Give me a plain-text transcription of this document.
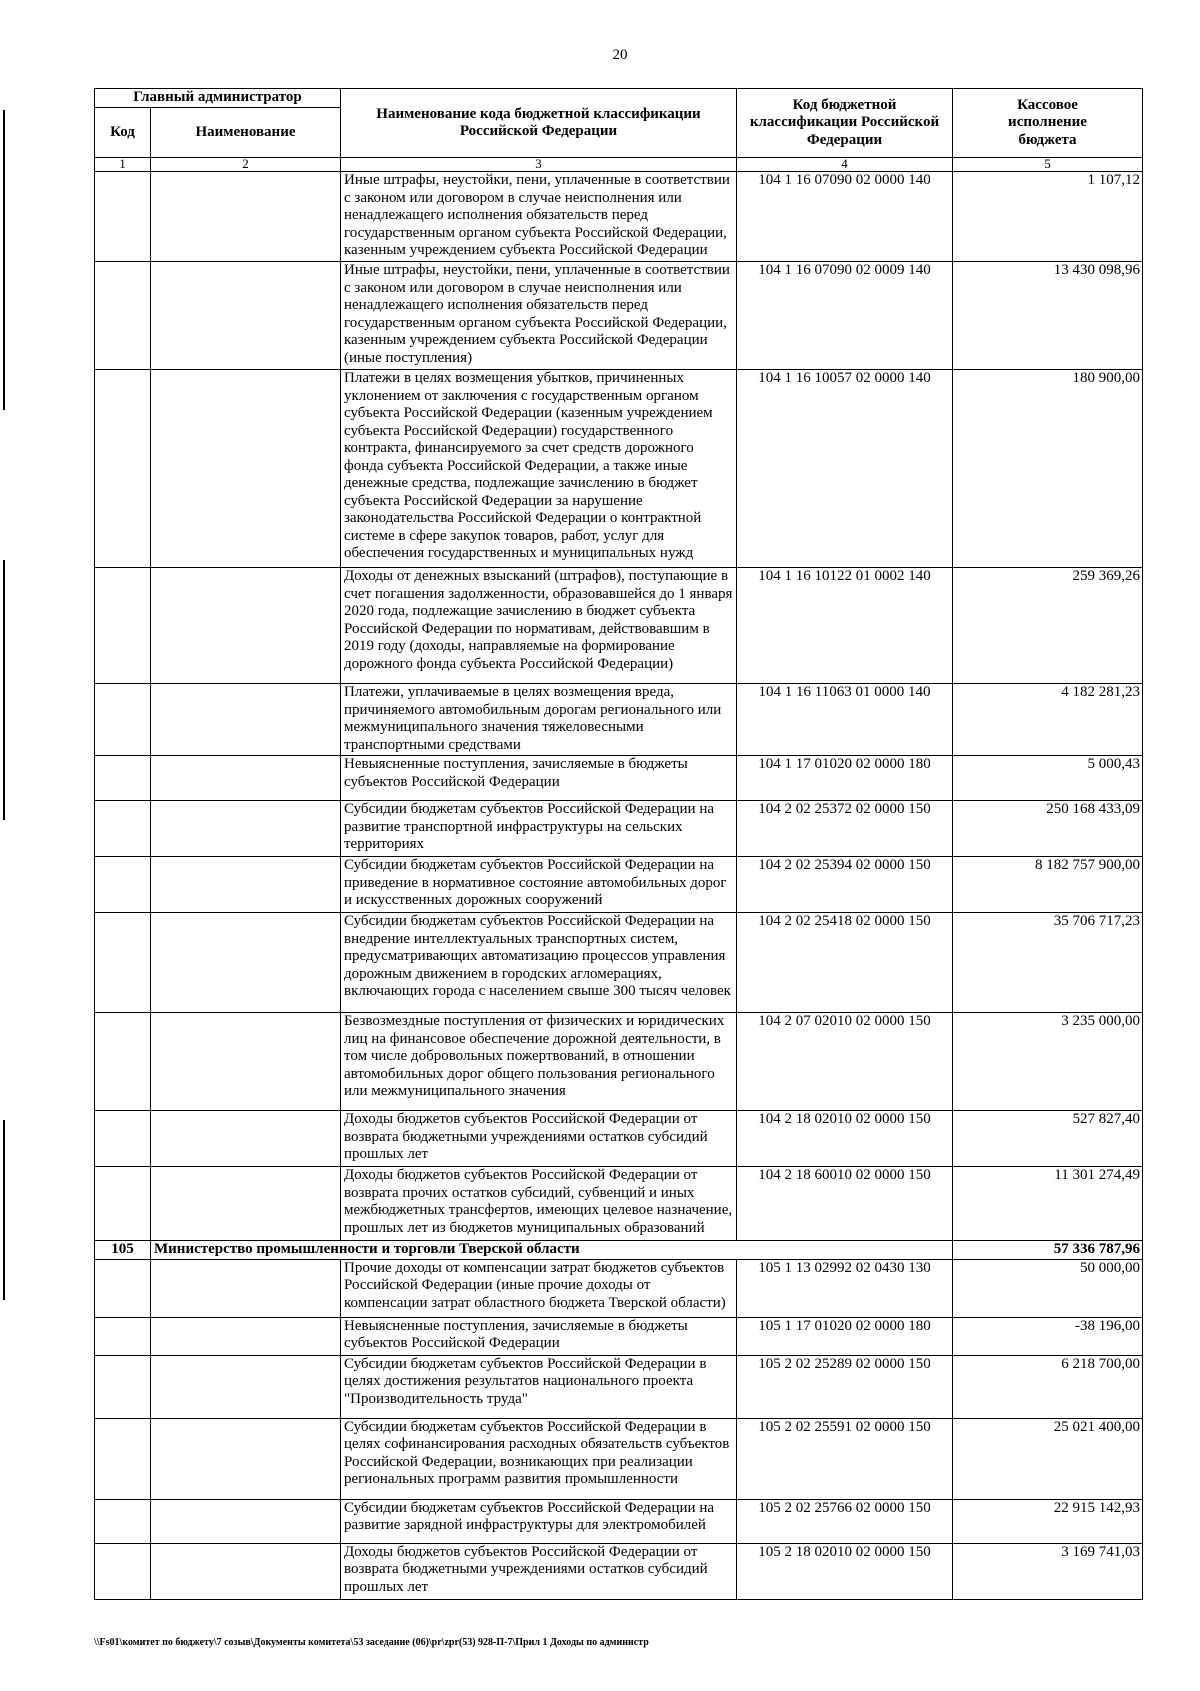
20
Главный администратор		Наименование кода бюджетной классификации Российской Федерации	Код бюджетной классификации Российской Федерации	Кассовое исполнение бюджета
Код	Наименование			
1	2	3	4	5
		Иные штрафы, неустойки, пени, уплаченные в соответствии с законом или договором в случае неисполнения или ненадлежащего исполнения обязательств перед государственным органом субъекта Российской Федерации, казенным учреждением субъекта Российской Федерации	104 1 16 07090 02 0000 140	1 107,12
		Иные штрафы, неустойки, пени, уплаченные в соответствии с законом или договором в случае неисполнения или ненадлежащего исполнения обязательств перед государственным органом субъекта Российской Федерации, казенным учреждением субъекта Российской Федерации (иные поступления)	104 1 16 07090 02 0009 140	13 430 098,96
		Платежи в целях возмещения убытков, причиненных уклонением от заключения с государственным органом субъекта Российской Федерации (казенным учреждением субъекта Российской Федерации) государственного контракта, финансируемого за счет средств дорожного фонда субъекта Российской Федерации, а также иные денежные средства, подлежащие зачислению в бюджет субъекта Российской Федерации за нарушение законодательства Российской Федерации о контрактной системе в сфере закупок товаров, работ, услуг для обеспечения государственных и муниципальных нужд	104 1 16 10057 02 0000 140	180 900,00
		Доходы от денежных взысканий (штрафов), поступающие в счет погашения задолженности, образовавшейся до 1 января 2020 года, подлежащие зачислению в бюджет субъекта Российской Федерации по нормативам, действовавшим в 2019 году (доходы, направляемые на формирование дорожного фонда субъекта Российской Федерации)	104 1 16 10122 01 0002 140	259 369,26
		Платежи, уплачиваемые в целях возмещения вреда, причиняемого автомобильным дорогам регионального или межмуниципального значения тяжеловесными транспортными средствами	104 1 16 11063 01 0000 140	4 182 281,23
		Невыясненные поступления, зачисляемые в бюджеты субъектов Российской Федерации	104 1 17 01020 02 0000 180	5 000,43
		Субсидии бюджетам субъектов Российской Федерации на развитие транспортной инфраструктуры на сельских территориях	104 2 02 25372 02 0000 150	250 168 433,09
		Субсидии бюджетам субъектов Российской Федерации на приведение в нормативное состояние автомобильных дорог и искусственных дорожных сооружений	104 2 02 25394 02 0000 150	8 182 757 900,00
		Субсидии бюджетам субъектов Российской Федерации на внедрение интеллектуальных транспортных систем, предусматривающих автоматизацию процессов управления дорожным движением в городских агломерациях, включающих города с населением свыше 300 тысяч человек	104 2 02 25418 02 0000 150	35 706 717,23
		Безвозмездные поступления от физических и юридических лиц на финансовое обеспечение дорожной деятельности, в том числе добровольных пожертвований, в отношении автомобильных дорог общего пользования регионального или межмуниципального значения	104 2 07 02010 02 0000 150	3 235 000,00
		Доходы бюджетов субъектов Российской Федерации от возврата бюджетными учреждениями остатков субсидий прошлых лет	104 2 18 02010 02 0000 150	527 827,40
		Доходы бюджетов субъектов Российской Федерации от возврата прочих остатков субсидий, субвенций и иных межбюджетных трансфертов, имеющих целевое назначение, прошлых лет из бюджетов муниципальных образований	104 2 18 60010 02 0000 150	11 301 274,49
105	Министерство промышленности и торговли Тверской области			57 336 787,96
		Прочие доходы от компенсации затрат бюджетов субъектов Российской Федерации (иные прочие доходы от компенсации затрат областного бюджета Тверской области)	105 1 13 02992 02 0430 130	50 000,00
		Невыясненные поступления, зачисляемые в бюджеты субъектов Российской Федерации	105 1 17 01020 02 0000 180	-38 196,00
		Субсидии бюджетам субъектов Российской Федерации в целях достижения результатов национального проекта "Производительность труда"	105 2 02 25289 02 0000 150	6 218 700,00
		Субсидии бюджетам субъектов Российской Федерации в целях софинансирования расходных обязательств субъектов Российской Федерации, возникающих при реализации региональных программ развития промышленности	105 2 02 25591 02 0000 150	25 021 400,00
		Субсидии бюджетам субъектов Российской Федерации на развитие зарядной инфраструктуры для электромобилей	105 2 02 25766 02 0000 150	22 915 142,93
		Доходы бюджетов субъектов Российской Федерации от возврата бюджетными учреждениями остатков субсидий прошлых лет	105 2 18 02010 02 0000 150	3 169 741,03
\\Fs01\комитет по бюджету\7 созыв\Документы комитета\53 заседание (06)\pr\zpr(53) 928-П-7\Прил 1 Доходы по администр
